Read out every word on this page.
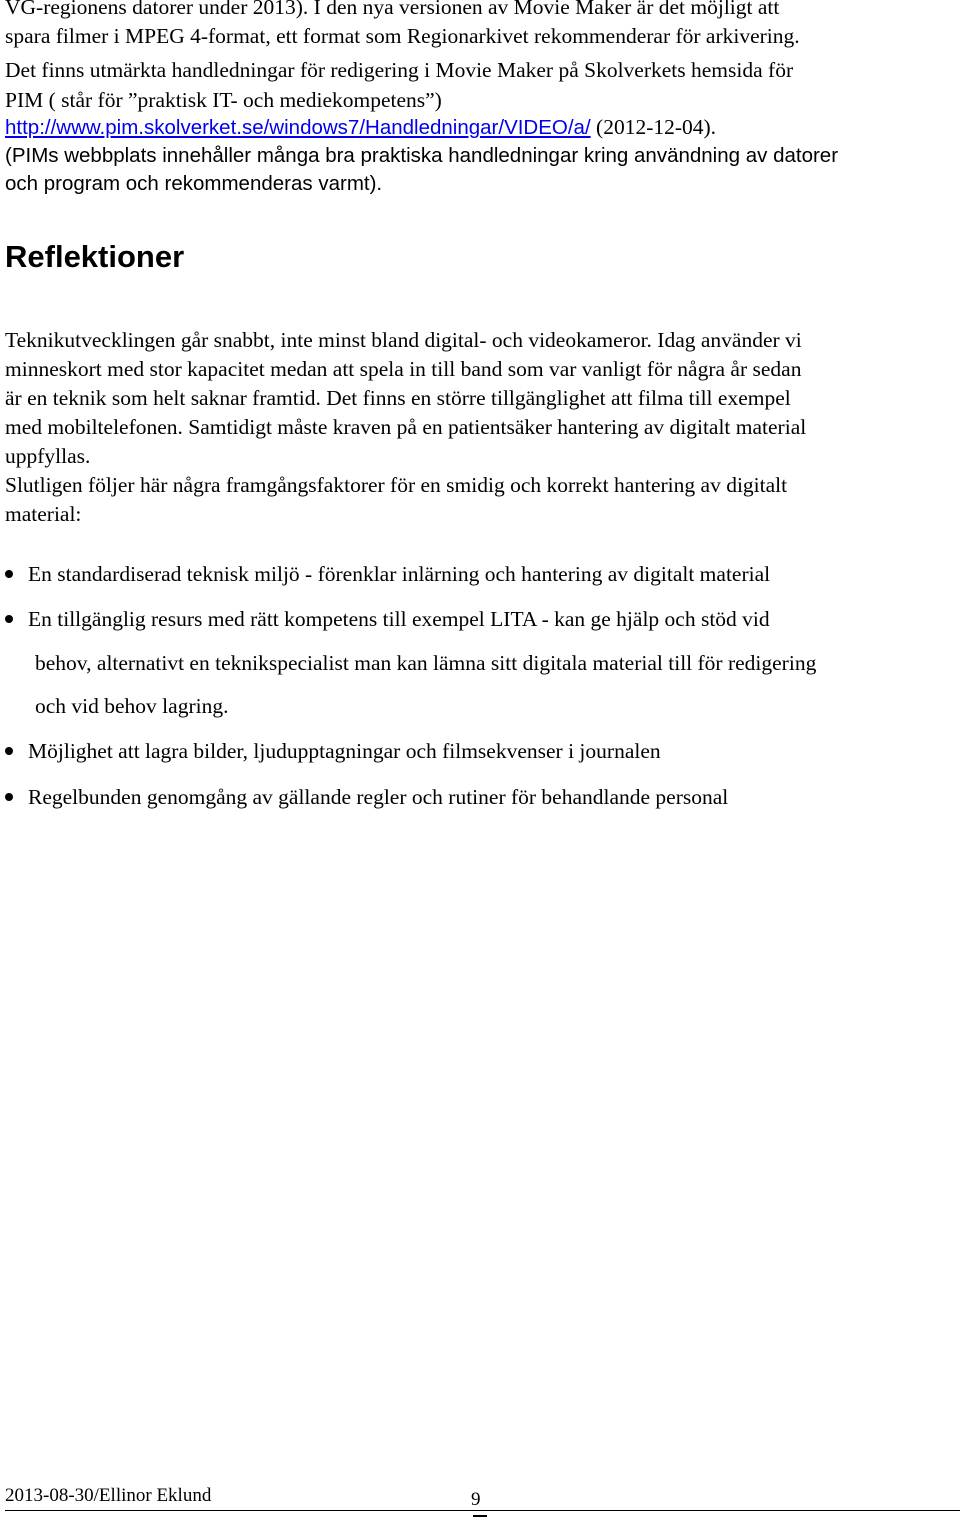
VG-regionens datorer under 2013). I den nya versionen av Movie Maker är det möjligt att
spara filmer i MPEG 4-format, ett format som Regionarkivet rekommenderar för arkivering.
Det finns utmärkta handledningar för redigering i Movie Maker på Skolverkets hemsida för
PIM ( står för ”praktisk IT- och mediekompetens”)
http://www.pim.skolverket.se/windows7/Handledningar/VIDEO/a/ (2012-12-04).
(PIMs webbplats innehåller många bra praktiska handledningar kring användning av datorer
och program och rekommenderas varmt).
Reflektioner
Teknikutvecklingen går snabbt, inte minst bland digital- och videokameror. Idag använder vi
minneskort med stor kapacitet medan att spela in till band som var vanligt för några år sedan
är en teknik som helt saknar framtid. Det finns en större tillgänglighet att filma till exempel
med mobiltelefonen. Samtidigt måste kraven på en patientsäker hantering av digitalt material
uppfyllas.
Slutligen följer här några framgångsfaktorer för en smidig och korrekt hantering av digitalt
material:
En standardiserad teknisk miljö - förenklar inlärning och hantering av digitalt material
En tillgänglig resurs med rätt kompetens till exempel LITA - kan ge hjälp och stöd vid
behov, alternativt en teknikspecialist man kan lämna sitt digitala material till för redigering
och vid behov lagring.
Möjlighet att lagra bilder, ljudupptagningar och filmsekvenser i journalen
Regelbunden genomgång av gällande regler och rutiner för behandlande personal
2013-08-30/Ellinor Eklund	9
